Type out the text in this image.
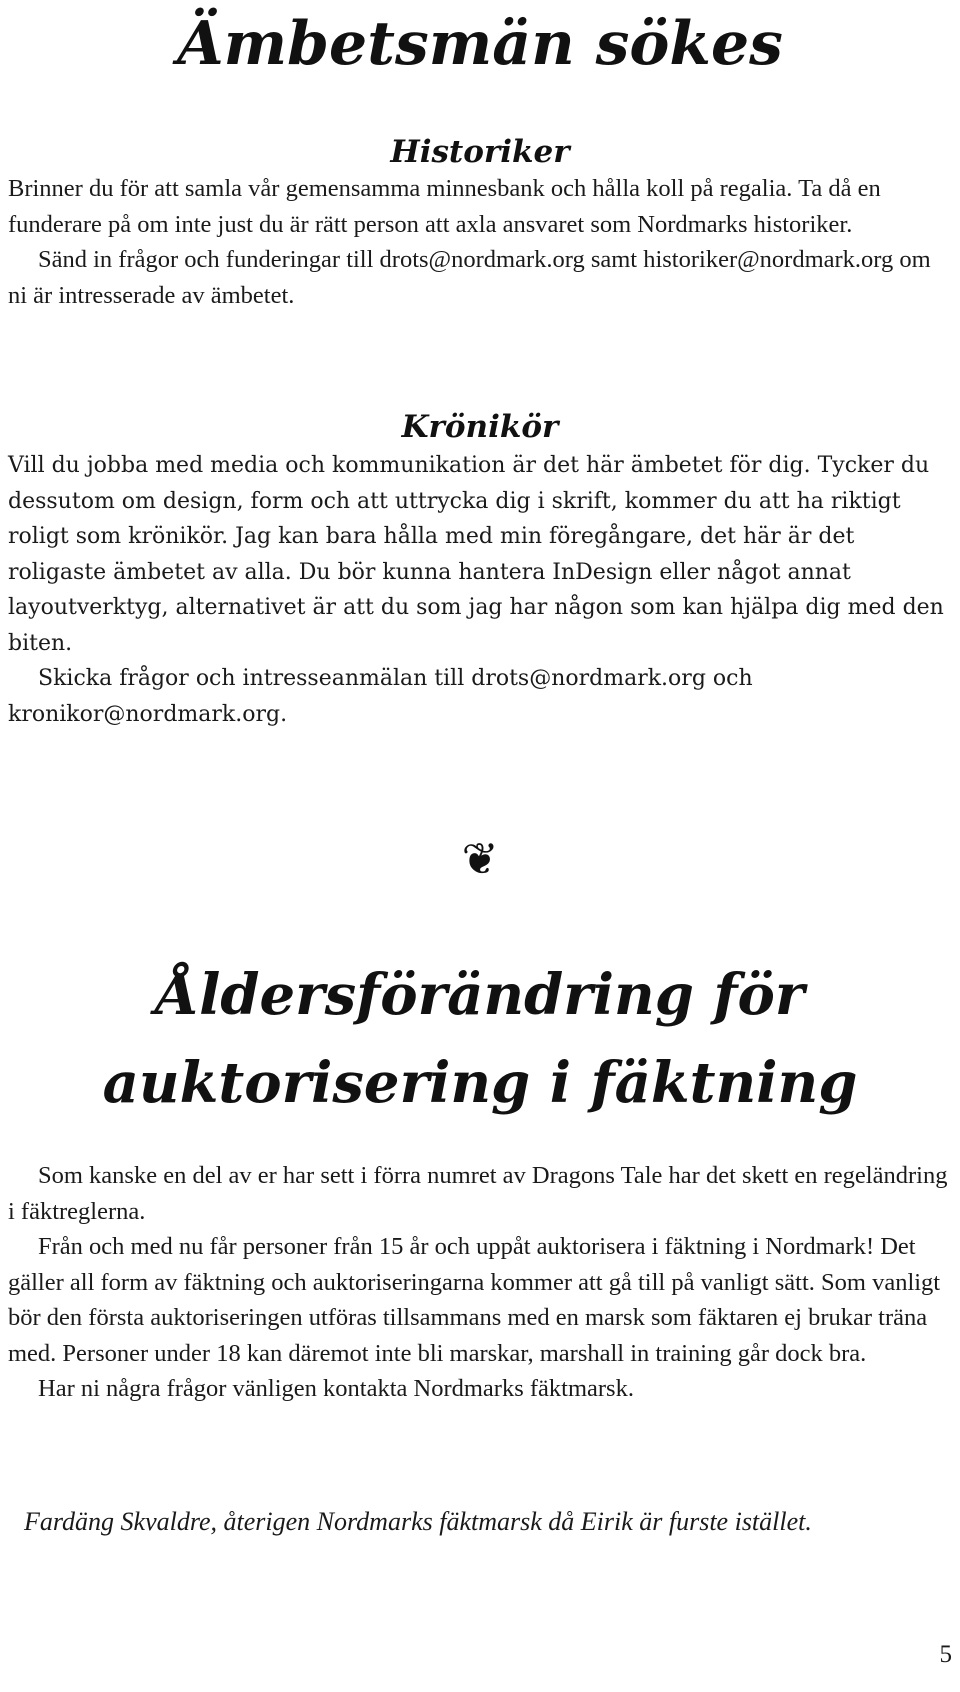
Ämbetsmän sökes
Historiker

Brinner du för att samla vår gemensamma minnesbank och hålla koll på regalia. Ta då en funderare på om inte just du är rätt person att axla ansvaret som Nordmarks historiker.

Sänd in frågor och funderingar till drots@nordmark.org samt historiker@nordmark.org om ni är intresserade av ämbetet.

Krönikör

Vill du jobba med media och kommunikation är det här ämbetet för dig. Tycker du dessutom om design, form och att uttrycka dig i skrift, kommer du att ha riktigt roligt som krönikör. Jag kan bara hålla med min föregångare, det här är det roligaste ämbetet av alla. Du bör kunna hantera InDesign eller något annat layoutverktyg, alternativet är att du som jag har någon som kan hjälpa dig med den biten.

Skicka frågor och intresseanmälan till drots@nordmark.org och kronikor@nordmark.org.

❦
Åldersförändring för
auktorisering i fäktning

Som kanske en del av er har sett i förra numret av Dragons Tale har det skett en regeländring i fäktreglerna.

Från och med nu får personer från 15 år och uppåt auktorisera i fäktning i Nordmark! Det gäller all form av fäktning och auktoriseringarna kommer att gå till på vanligt sätt. Som vanligt bör den första auktoriseringen utföras tillsammans med en marsk som fäktaren ej brukar träna med. Personer under 18 kan däremot inte bli marskar, marshall in training går dock bra.

Har ni några frågor vänligen kontakta Nordmarks fäktmarsk.

Fardäng Skvaldre, återigen Nordmarks fäktmarsk då Eirik är furste istället.
5
